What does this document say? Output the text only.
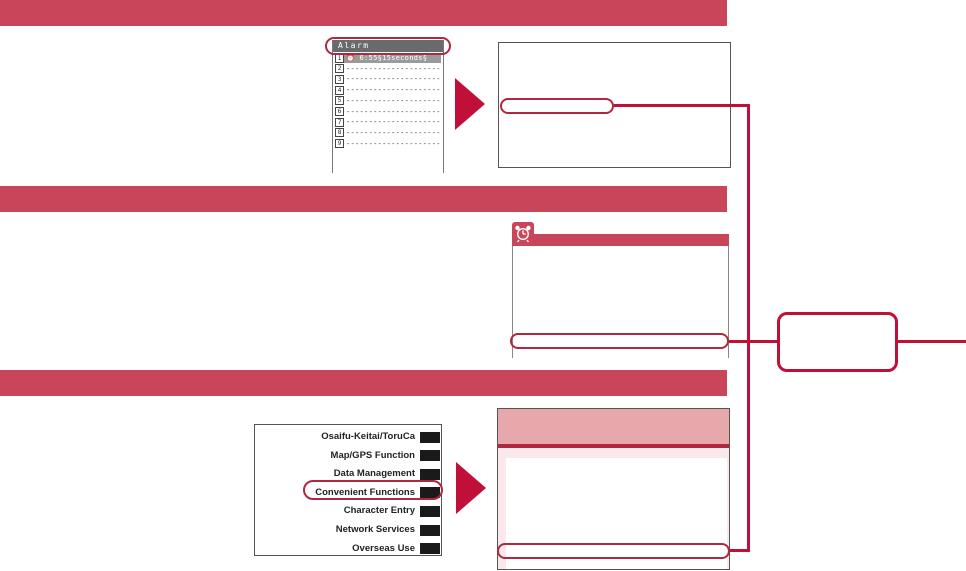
Alarm
1 ⏰ 6:55§15seconds§
2 ---------------------
3 ---------------------
4 ---------------------
5 ---------------------
6 ---------------------
7 ---------------------
8 ---------------------
9 ---------------------
Osaifu-Keitai/ToruCa
Map/GPS Function
Data Management
Convenient Functions
Character Entry
Network Services
Overseas Use
